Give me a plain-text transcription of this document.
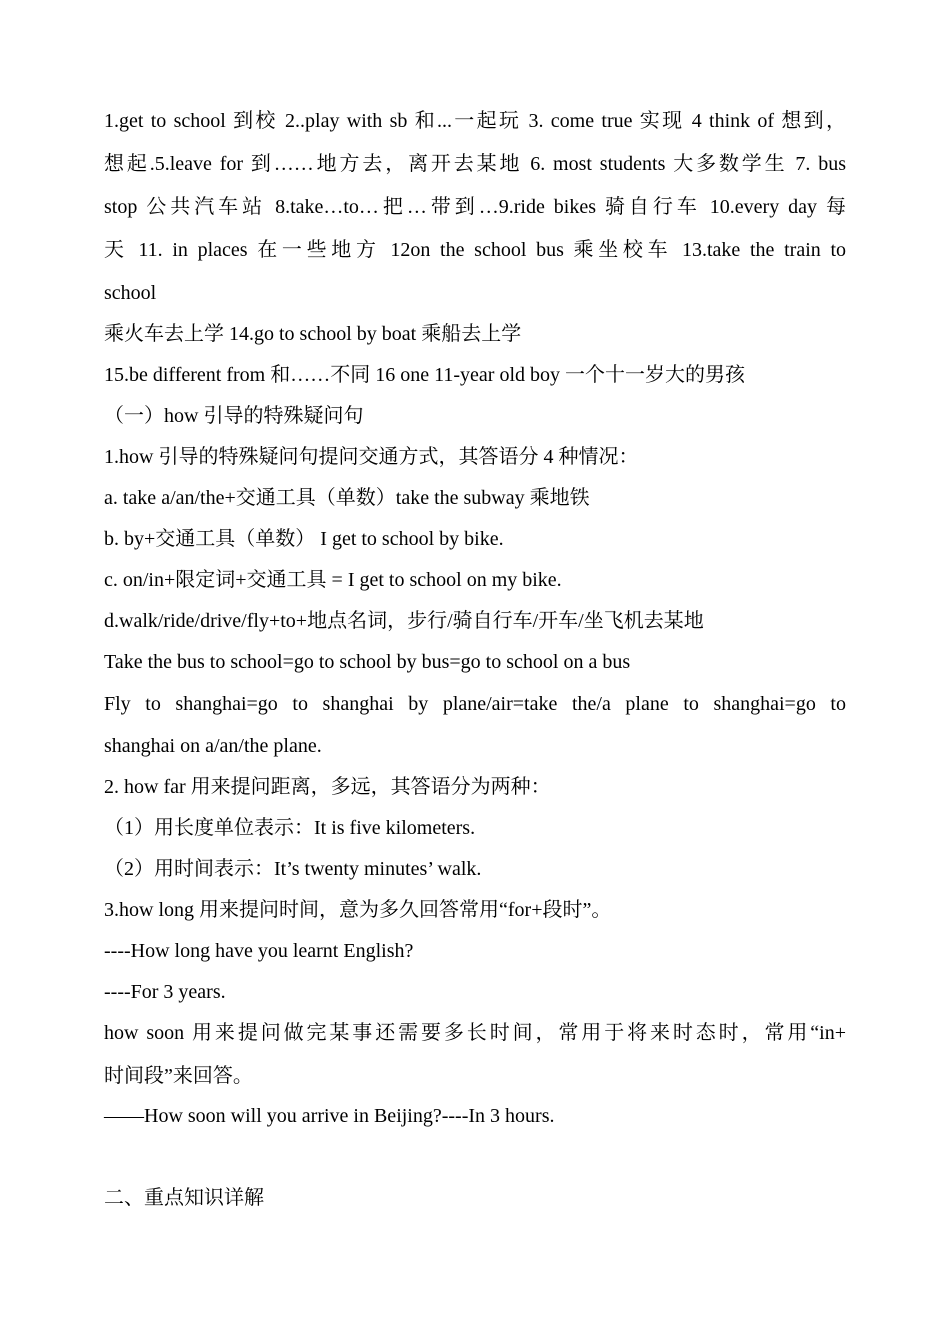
1.get to school 到校 2..play with sb 和...一起玩 3. come true 实现 4 think of 想到，
想起.5.leave for 到……地方去，离开去某地 6. most students 大多数学生 7. bus
stop 公共汽车站 8.take…to…把…带到…9.ride bikes 骑自行车 10.every day 每
天 11. in places 在一些地方 12on the school bus 乘坐校车 13.take the train to
school
乘火车去上学 14.go to school by boat 乘船去上学
15.be different from 和……不同 16 one 11-year old boy 一个十一岁大的男孩
（一）how 引导的特殊疑问句
1.how 引导的特殊疑问句提问交通方式，其答语分 4 种情况：
a. take a/an/the+交通工具（单数）take the subway 乘地铁
b. by+交通工具（单数） I get to school by bike.
c. on/in+限定词+交通工具 = I get to school on my bike.
d.walk/ride/drive/fly+to+地点名词，步行/骑自行车/开车/坐飞机去某地
Take the bus to school=go to school by bus=go to school on a bus
Fly to shanghai=go to shanghai by plane/air=take the/a plane to shanghai=go to
shanghai on a/an/the plane.
2. how far 用来提问距离，多远，其答语分为两种：
（1）用长度单位表示：It is five kilometers.
（2）用时间表示：It’s twenty minutes’ walk.
3.how long 用来提问时间，意为多久回答常用“for+段时”。
----How long have you learnt English?
----For 3 years.
how soon 用来提问做完某事还需要多长时间，常用于将来时态时，常用“in+
时间段”来回答。
——How soon will you arrive in Beijing?----In 3 hours.
二、重点知识详解
